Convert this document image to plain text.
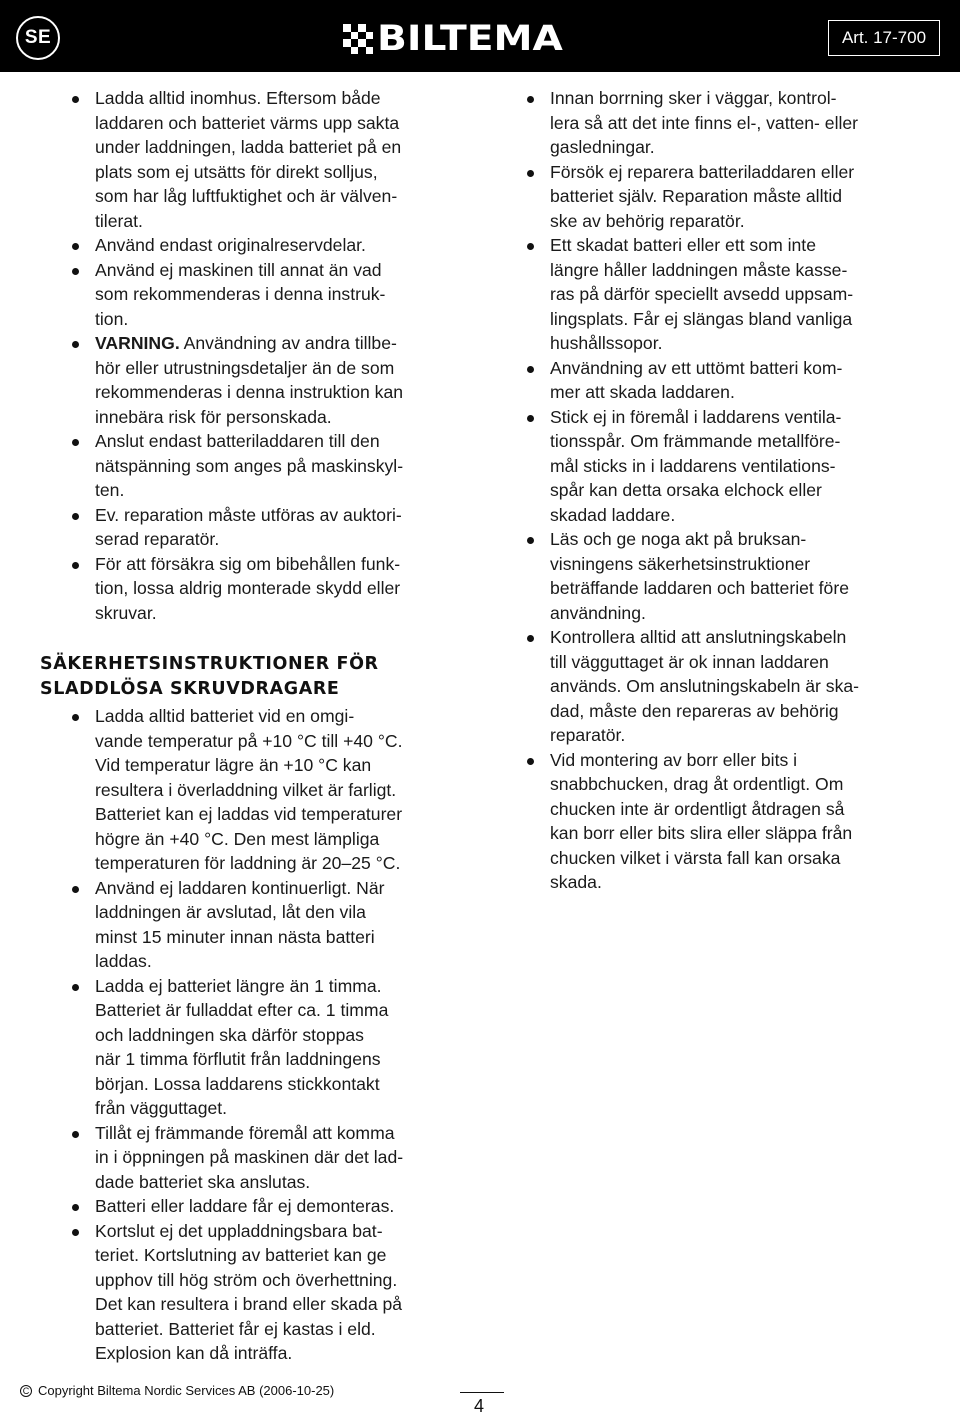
SE	BILTEMA	Art. 17-700
Ladda alltid inomhus. Eftersom både
laddaren och batteriet värms upp sakta
under laddningen, ladda batteriet på en
plats som ej utsätts för direkt solljus,
som har låg luftfuktighet och är välven-
tilerat.
Använd endast originalreservdelar.
Använd ej maskinen till annat än vad
som rekommenderas i denna instruk-
tion.
VARNING. Användning av andra tillbe-
hör eller utrustningsdetaljer än de som
rekommenderas i denna instruktion kan
innebära risk för personskada.
Anslut endast batteriladdaren till den
nätspänning som anges på maskinskyl-
ten.
Ev. reparation måste utföras av auktori-
serad reparatör.
För att försäkra sig om bibehållen funk-
tion, lossa aldrig monterade skydd eller
skruvar.
SÄKERHETSINSTRUKTIONER FÖR
SLADDLÖSA SKRUVDRAGARE
Ladda alltid batteriet vid en omgi-
vande temperatur på +10 °C till +40 °C.
Vid temperatur lägre än +10 °C kan
resultera i överladdning vilket är farligt.
Batteriet kan ej laddas vid temperaturer
högre än +40 °C. Den mest lämpliga
temperaturen för laddning är 20–25 °C.
Använd ej laddaren kontinuerligt. När
laddningen är avslutad, låt den vila
minst 15 minuter innan nästa batteri
laddas.
Ladda ej batteriet längre än 1 timma.
Batteriet är fulladdat efter ca. 1 timma
och laddningen ska därför stoppas
när 1 timma förflutit från laddningens
början. Lossa laddarens stickkontakt
från vägguttaget.
Tillåt ej främmande föremål att komma
in i öppningen på maskinen där det lad-
dade batteriet ska anslutas.
Batteri eller laddare får ej demonteras.
Kortslut ej det uppladdningsbara bat-
teriet. Kortslutning av batteriet kan ge
upphov till hög ström och överhettning.
Det kan resultera i brand eller skada på
batteriet. Batteriet får ej kastas i eld.
Explosion kan då inträffa.
Innan borrning sker i väggar, kontrol-
lera så att det inte finns el-, vatten- eller
gasledningar.
Försök ej reparera batteriladdaren eller
batteriet själv. Reparation måste alltid
ske av behörig reparatör.
Ett skadat batteri eller ett som inte
längre håller laddningen måste kasse-
ras på därför speciellt avsedd uppsam-
lingsplats. Får ej slängas bland vanliga
hushållssopor.
Användning av ett uttömt batteri kom-
mer att skada laddaren.
Stick ej in föremål i laddarens ventila-
tionsspår. Om främmande metallföre-
mål sticks in i laddarens ventilations-
spår kan detta orsaka elchock eller
skadad laddare.
Läs och ge noga akt på bruksan-
visningens säkerhetsinstruktioner
beträffande laddaren och batteriet före
användning.
Kontrollera alltid att anslutningskabeln
till vägguttaget är ok innan laddaren
används. Om anslutningskabeln är ska-
dad, måste den repareras av behörig
reparatör.
Vid montering av borr eller bits i
snabbchucken, drag åt ordentligt. Om
chucken inte är ordentligt åtdragen så
kan borr eller bits slira eller släppa från
chucken vilket i värsta fall kan orsaka
skada.
C Copyright Biltema Nordic Services AB (2006-10-25)
4
